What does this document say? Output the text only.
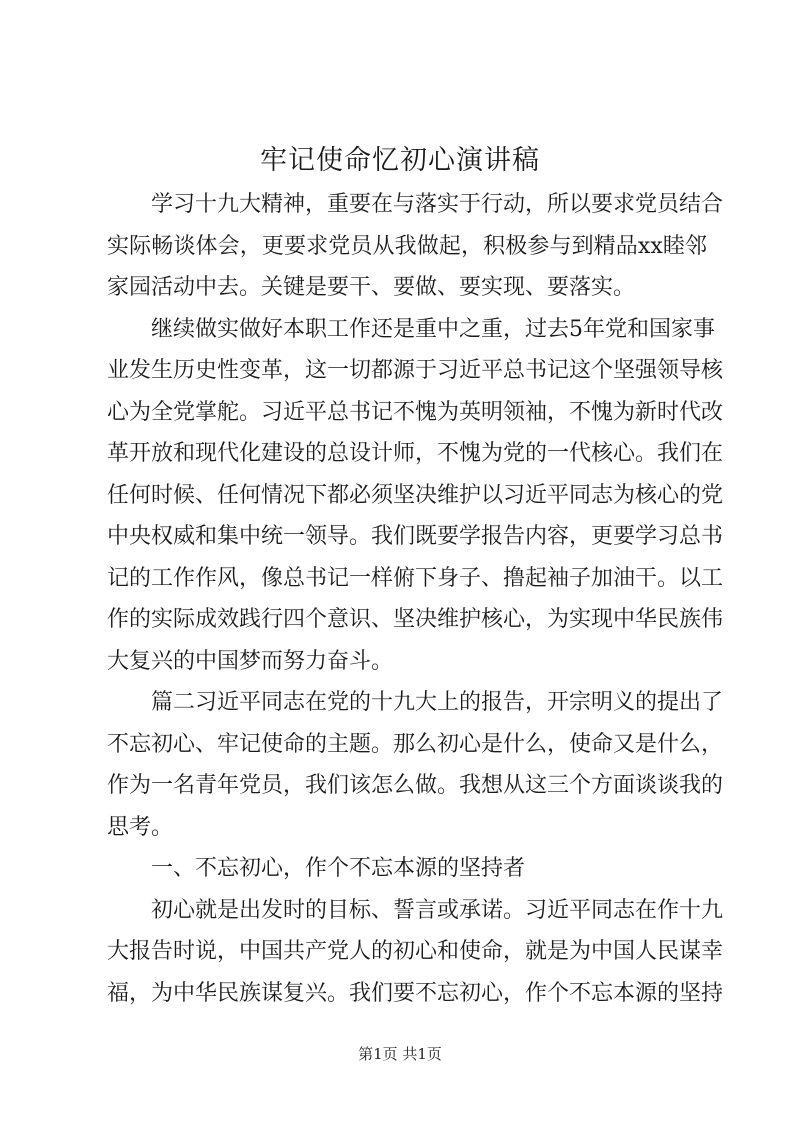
牢记使命忆初心演讲稿
学习十九大精神，重要在与落实于行动，所以要求党员结合
实际畅谈体会，更要求党员从我做起，积极参与到精品xx睦邻
家园活动中去。关键是要干、要做、要实现、要落实。
继续做实做好本职工作还是重中之重，过去5年党和国家事
业发生历史性变革，这一切都源于习近平总书记这个坚强领导核
心为全党掌舵。习近平总书记不愧为英明领袖，不愧为新时代改
革开放和现代化建设的总设计师，不愧为党的一代核心。我们在
任何时候、任何情况下都必须坚决维护以习近平同志为核心的党
中央权威和集中统一领导。我们既要学报告内容，更要学习总书
记的工作作风，像总书记一样俯下身子、撸起袖子加油干。以工
作的实际成效践行四个意识、坚决维护核心，为实现中华民族伟
大复兴的中国梦而努力奋斗。
篇二习近平同志在党的十九大上的报告，开宗明义的提出了
不忘初心、牢记使命的主题。那么初心是什么，使命又是什么，
作为一名青年党员，我们该怎么做。我想从这三个方面谈谈我的
思考。
一、不忘初心，作个不忘本源的坚持者
初心就是出发时的目标、誓言或承诺。习近平同志在作十九
大报告时说，中国共产党人的初心和使命，就是为中国人民谋幸
福，为中华民族谋复兴。我们要不忘初心，作个不忘本源的坚持
第1页 共1页
